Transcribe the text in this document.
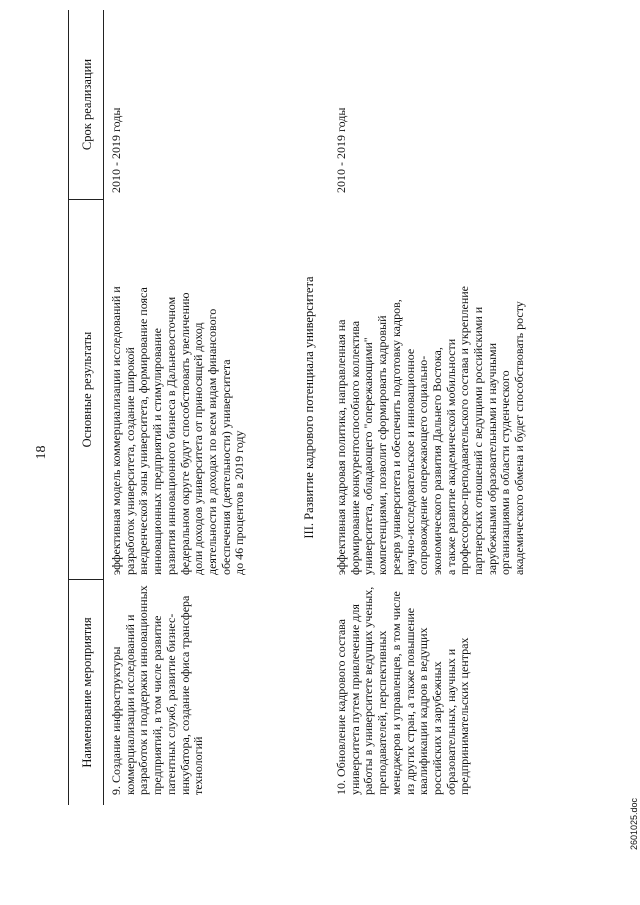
18
Наименование мероприятия
Основные результаты
Срок реализации
9. Создание инфраструктуры коммерциализации исследований и разработок и поддержки инновационных предприятий, в том числе развитие патентных служб, развитие бизнес- инкубатора, создание офиса трансфера технологий
эффективная модель коммерциализации исследований и разработок университета, создание широкой внедренческой зоны университета, формирование пояса инновационных предприятий и стимулирование развития инновационного бизнеса в Дальневосточном федеральном округе будут способствовать увеличению доли доходов университета от приносящей доход деятельности в доходах по всем видам финансового обеспечения (деятельности) университета до 46 процентов в 2019 году
2010 - 2019 годы
III. Развитие кадрового потенциала университета
10. Обновление кадрового состава университета путем привлечение для работы в университете ведущих ученых, преподавателей, перспективных менеджеров и управленцев, в том числе из других стран, а также повышение квалификации кадров в ведущих российских и зарубежных образовательных, научных и предпринимательских центрах
эффективная кадровая политика, направленная на формирование конкурентоспособного коллектива университета, обладающего "опережающими" компетенциями, позволит сформировать кадровый резерв университета и обеспечить подготовку кадров, научно-исследовательское и инновационное сопровождение опережающего социально- экономического развития Дальнего Востока, а также развитие академической мобильности профессорско-преподавательского состава и укрепление партнерских отношений с ведущими российскими и зарубежными образовательными и научными организациями в области студенческого академического обмена и будет способствовать росту
2010 - 2019 годы
2601025.doc
